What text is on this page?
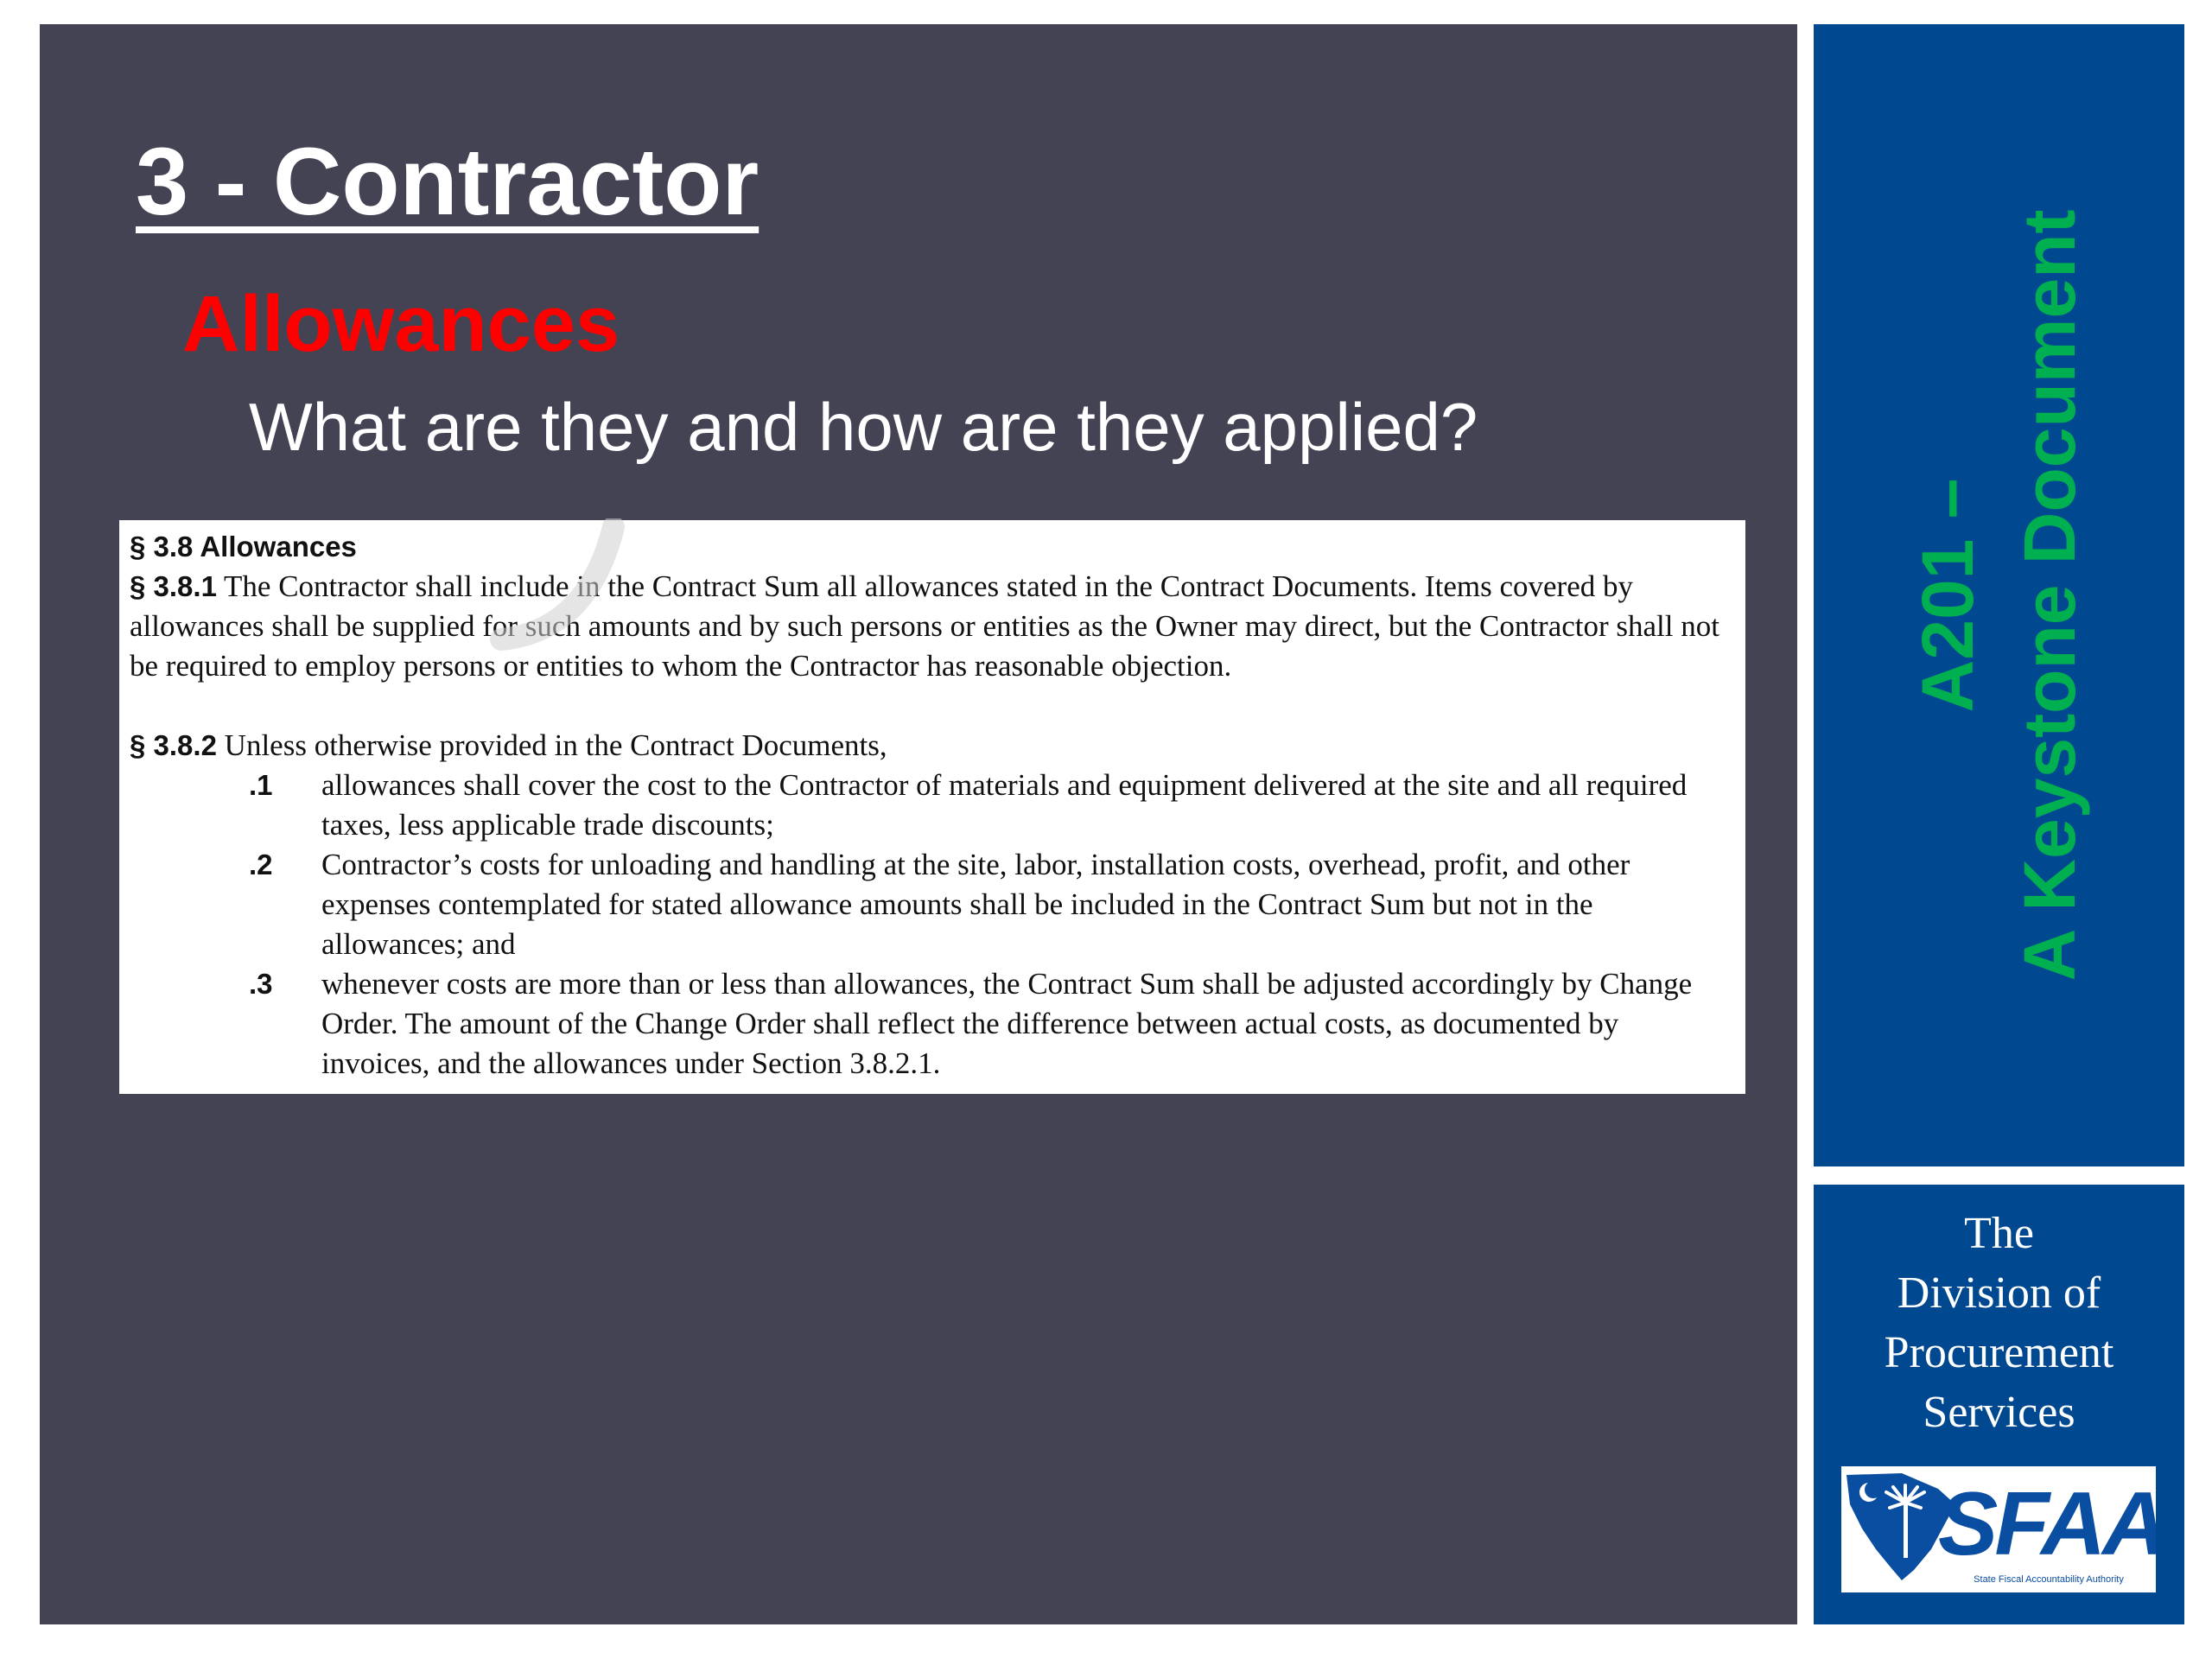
3 - Contractor
Allowances

What are they and how are they applied?

§ 3.8 Allowances

§ 3.8.1 The Contractor shall include in the Contract Sum all allowances stated in the Contract Documents. Items covered by allowances shall be supplied for such amounts and by such persons or entities as the Owner may direct, but the Contractor shall not be required to employ persons or entities to whom the Contractor has reasonable objection.

§ 3.8.2 Unless otherwise provided in the Contract Documents,

.1	allowances shall cover the cost to the Contractor of materials and equipment delivered at the site and all required taxes, less applicable trade discounts;
.2	Contractor’s costs for unloading and handling at the site, labor, installation costs, overhead, profit, and other expenses contemplated for stated allowance amounts shall be included in the Contract Sum but not in the allowances; and
.3	whenever costs are more than or less than allowances, the Contract Sum shall be adjusted accordingly by Change Order. The amount of the Change Order shall reflect the difference between actual costs, as documented by invoices, and the allowances under Section 3.8.2.1.
A201 – A Keystone Document
The
Division of
Procurement
Services
SFAA
State Fiscal Accountability Authority
